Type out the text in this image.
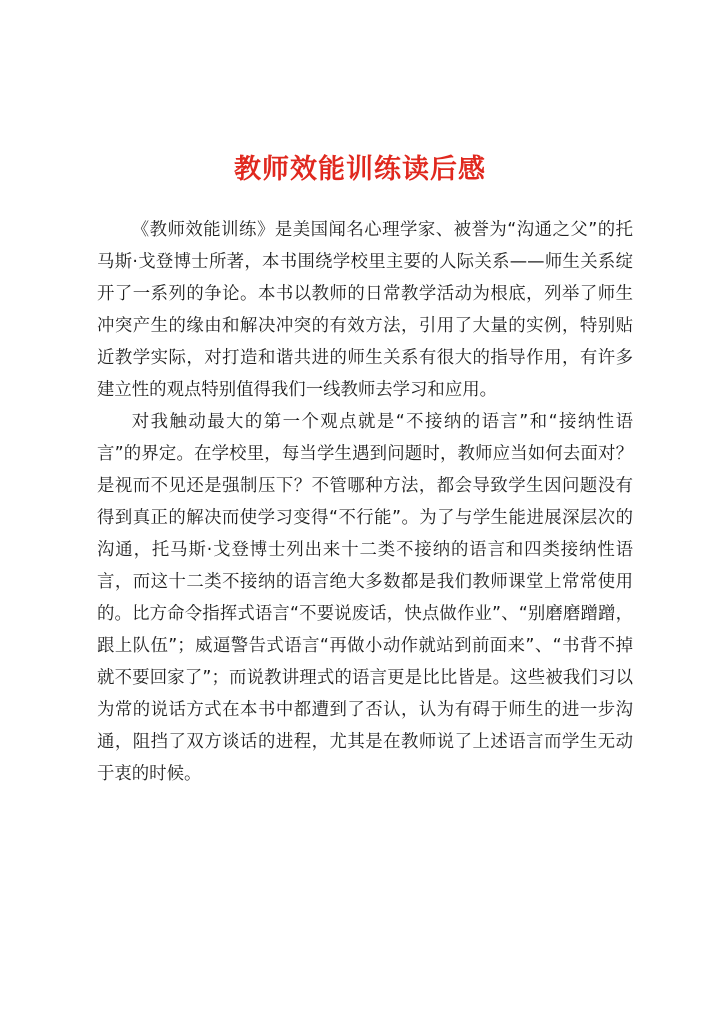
教师效能训练读后感

《教师效能训练》是美国闻名心理学家、被誉为“沟通之父”的托马斯·戈登博士所著，本书围绕学校里主要的人际关系——师生关系绽开了一系列的争论。本书以教师的日常教学活动为根底，列举了师生冲突产生的缘由和解决冲突的有效方法，引用了大量的实例，特别贴近教学实际，对打造和谐共进的师生关系有很大的指导作用，有许多建立性的观点特别值得我们一线教师去学习和应用。

对我触动最大的第一个观点就是“不接纳的语言”和“接纳性语言”的界定。在学校里，每当学生遇到问题时，教师应当如何去面对？是视而不见还是强制压下？不管哪种方法，都会导致学生因问题没有得到真正的解决而使学习变得“不行能”。为了与学生能进展深层次的沟通，托马斯·戈登博士列出来十二类不接纳的语言和四类接纳性语言，而这十二类不接纳的语言绝大多数都是我们教师课堂上常常使用的。比方命令指挥式语言“不要说废话，快点做作业”、“别磨磨蹭蹭，跟上队伍”；威逼警告式语言“再做小动作就站到前面来”、“书背不掉就不要回家了”；而说教讲理式的语言更是比比皆是。这些被我们习以为常的说话方式在本书中都遭到了否认，认为有碍于师生的进一步沟通，阻挡了双方谈话的进程，尤其是在教师说了上述语言而学生无动于衷的时候。
